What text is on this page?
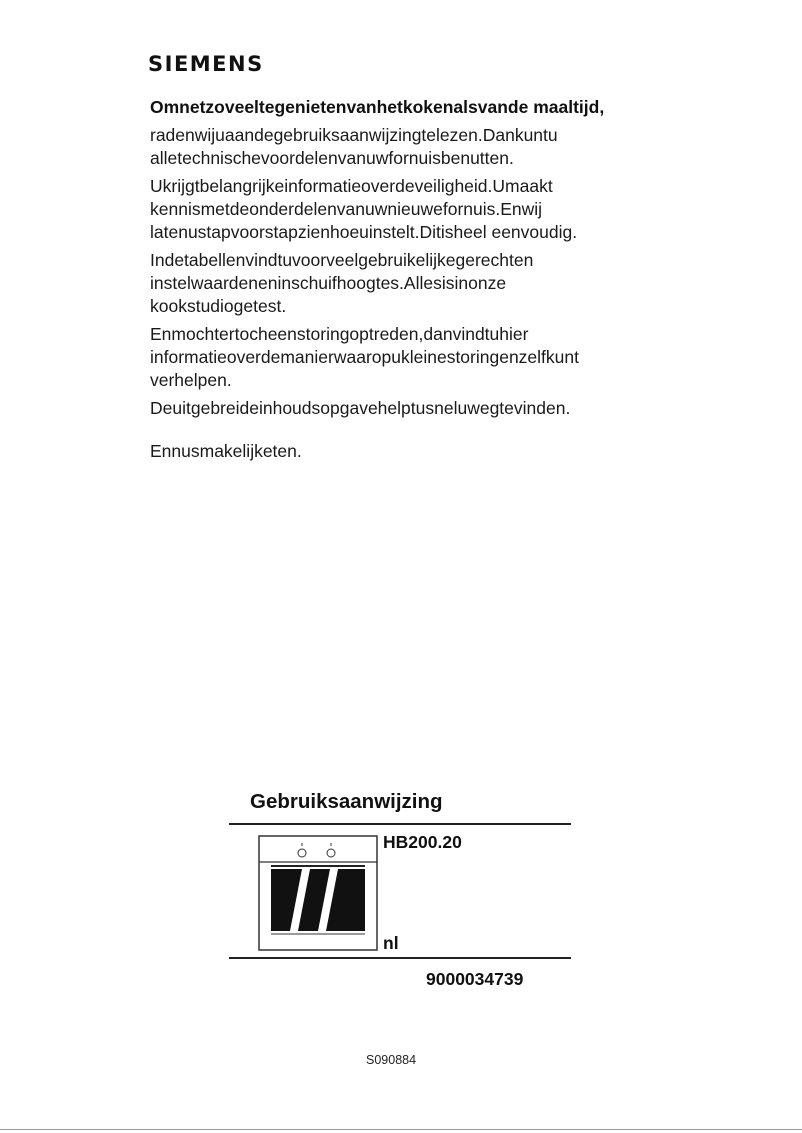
SIEMENS
Omnetzoveeltegenietenvanhetkokenalsvande maaltijd,

radenwijuaandegebruiksaanwijzingtelezen.Dankuntu alletechnischevoordelenvanuwfornuisbenutten.

Ukrijgtbelangrijkeinformatieoverdeveiligheid.Umaakt kennismetdeonderdelenvanuwnieuwefornuis.Enwij latenustapvoorstapzienhoeuinstelt.Ditisheel eenvoudig.

Indetabellenvindtuvoorveelgebruikelijkegerechten instelwaardeneninschuifhoogtes.Allesisinonze kookstudiogetest.

Enmochtertocheenstoringoptreden,danvindtuhier informatieoverdemanierwaaropukleinestoringenzelfkunt verhelpen.

Deuitgebreideinhoudsopgavehelptusneluwegtevinden.

Ennusmakelijketen.

Gebruiksaanwijzing
HB200.20
nl
9000034739
S090884
